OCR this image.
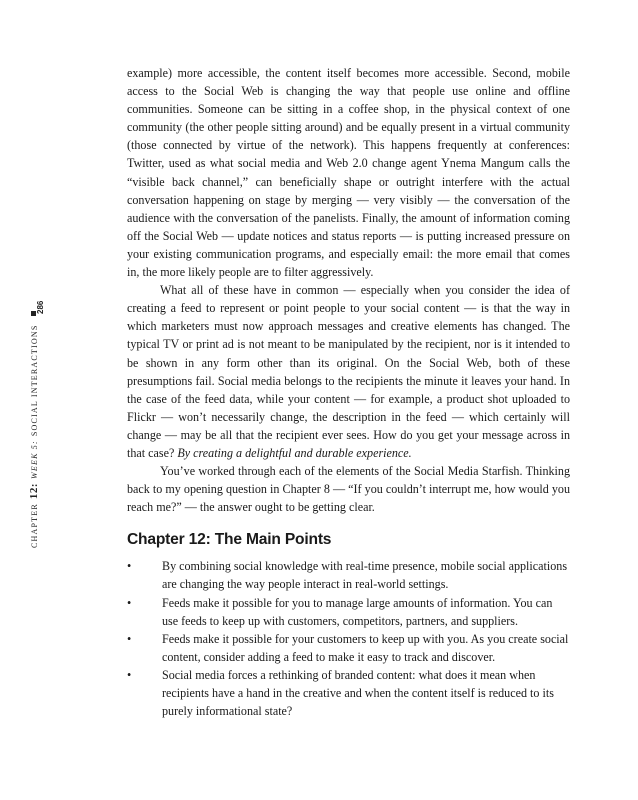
CHAPTER
12:
WEEK 5:
SOCIAL INTERACTIONS
286

example) more accessible, the content itself becomes more accessible. Second, mobile access to the Social Web is changing the way that people use online and offline communities. Someone can be sitting in a coffee shop, in the physical context of one community (the other people sitting around) and be equally present in a virtual community (those connected by virtue of the network). This happens frequently at conferences: Twitter, used as what social media and Web 2.0 change agent Ynema Mangum calls the “visible back channel,” can beneficially shape or outright interfere with the actual conversation happening on stage by merging — very visibly — the conversation of the audience with the conversation of the panelists. Finally, the amount of information coming off the Social Web — update notices and status reports — is putting increased pressure on your existing communication programs, and especially email: the more email that comes in, the more likely people are to filter aggressively.

What all of these have in common — especially when you consider the idea of creating a feed to represent or point people to your social content — is that the way in which marketers must now approach messages and creative elements has changed. The typical TV or print ad is not meant to be manipulated by the recipient, nor is it intended to be shown in any form other than its original. On the Social Web, both of these presumptions fail. Social media belongs to the recipients the minute it leaves your hand. In the case of the feed data, while your content — for example, a product shot uploaded to Flickr — won’t necessarily change, the description in the feed — which certainly will change — may be all that the recipient ever sees. How do you get your message across in that case? By creating a delightful and durable experience.

You’ve worked through each of the elements of the Social Media Starfish. Thinking back to my opening question in Chapter 8 — “If you couldn’t interrupt me, how would you reach me?” — the answer ought to be getting clear.

Chapter 12: The Main Points
•	By combining social knowledge with real-time presence, mobile social applications are changing the way people interact in real-world settings.
•	Feeds make it possible for you to manage large amounts of information. You can use feeds to keep up with customers, competitors, partners, and suppliers.
•	Feeds make it possible for your customers to keep up with you. As you create social content, consider adding a feed to make it easy to track and discover.
•	Social media forces a rethinking of branded content: what does it mean when recipients have a hand in the creative and when the content itself is reduced to its purely informational state?
